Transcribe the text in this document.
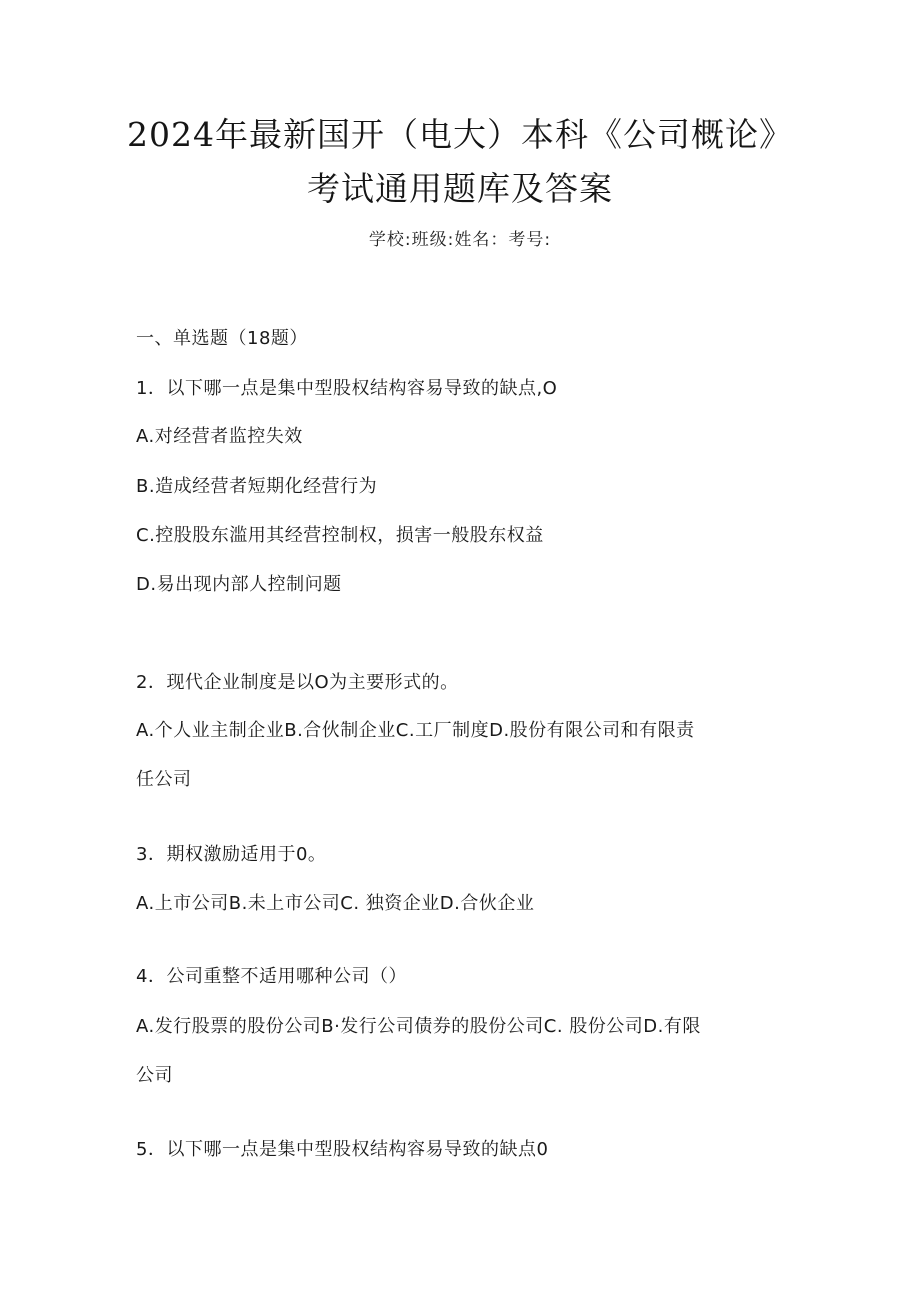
2024年最新国开（电大）本科《公司概论》
考试通用题库及答案
学校:班级:姓名：考号:
一、单选题（18题）
1．以下哪一点是集中型股权结构容易导致的缺点,O
A.对经营者监控失效
B.造成经营者短期化经营行为
C.控股股东滥用其经营控制权，损害一般股东权益
D.易出现内部人控制问题
2．现代企业制度是以O为主要形式的。
A.个人业主制企业B.合伙制企业C.工厂制度D.股份有限公司和有限责
任公司
3．期权激励适用于0。
A.上市公司B.未上市公司C. 独资企业D.合伙企业
4．公司重整不适用哪种公司（）
A.发行股票的股份公司B·发行公司债券的股份公司C. 股份公司D.有限
公司
5．以下哪一点是集中型股权结构容易导致的缺点0
